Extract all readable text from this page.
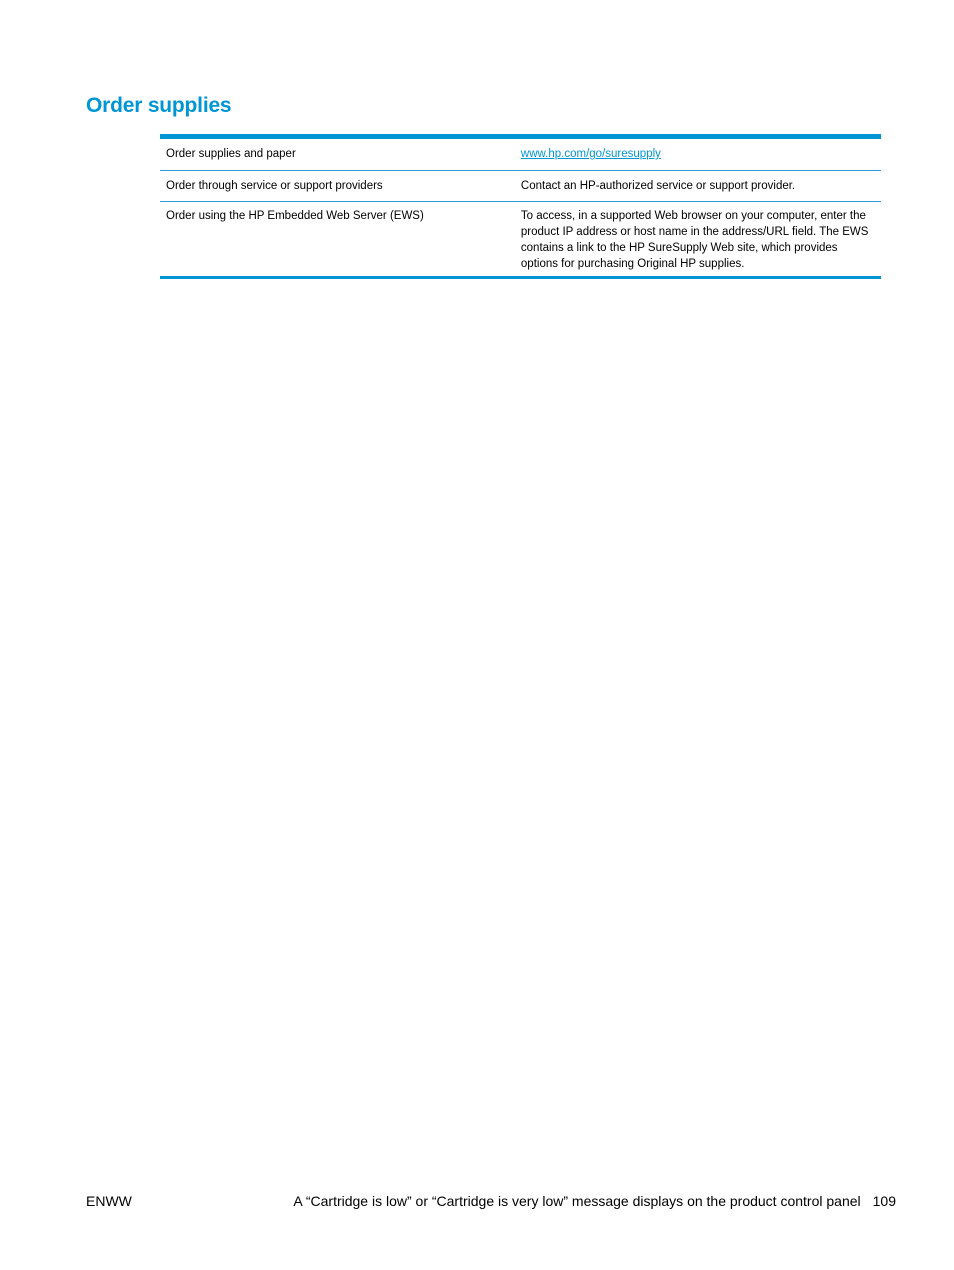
Order supplies
Order supplies and paper	www.hp.com/go/suresupply
Order through service or support providers	Contact an HP-authorized service or support provider.
Order using the HP Embedded Web Server (EWS)	To access, in a supported Web browser on your computer, enter the product IP address or host name in the address/URL field. The EWS contains a link to the HP SureSupply Web site, which provides options for purchasing Original HP supplies.
ENWW	A “Cartridge is low” or “Cartridge is very low” message displays on the product control panel 109
